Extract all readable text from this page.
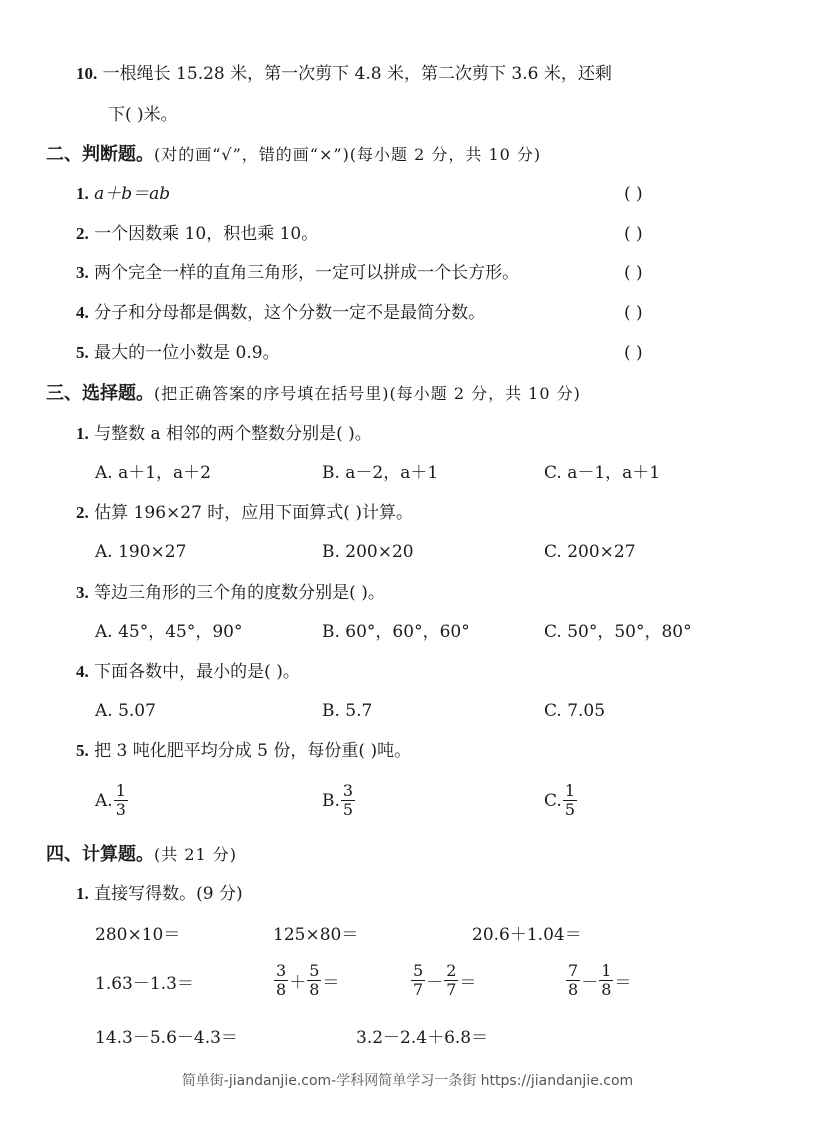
10. 一根绳长 15.28 米，第一次剪下 4.8 米，第二次剪下 3.6 米，还剩
下( )米。
二、判断题。(对的画“√”，错的画“×”)(每小题 2 分，共 10 分)
1. a＋b＝ab	( )
2. 一个因数乘 10，积也乘 10。	( )
3. 两个完全一样的直角三角形，一定可以拼成一个长方形。	( )
4. 分子和分母都是偶数，这个分数一定不是最简分数。	( )
5. 最大的一位小数是 0.9。	( )
三、选择题。(把正确答案的序号填在括号里)(每小题 2 分，共 10 分)
1. 与整数 a 相邻的两个整数分别是( )。
A. a＋1，a＋2	B. a－2，a＋1	C. a－1，a＋1
2. 估算 196×27 时，应用下面算式( )计算。
A. 190×27	B. 200×20	C. 200×27
3. 等边三角形的三个角的度数分别是( )。
A. 45°，45°，90°	B. 60°，60°，60°	C. 50°，50°，80°
4. 下面各数中，最小的是( )。
A. 5.07	B. 5.7	C. 7.05
5. 把 3 吨化肥平均分成 5 份，每份重( )吨。
A. $\frac{1}{3}$	B. $\frac{3}{5}$	C. $\frac{1}{5}$
四、计算题。(共 21 分)
1. 直接写得数。(9 分)
280×10＝	125×80＝	20.6＋1.04＝
1.63－1.3＝	$\frac{3}{8} + \frac{5}{8}$ ＝	$\frac{5}{7} - \frac{2}{7}$ ＝	$\frac{7}{8} - \frac{1}{8}$ ＝
14.3－5.6－4.3＝	3.2－2.4＋6.8＝
简单街-jiandanjie.com-学科网简单学习一条街 https://jiandanjie.com
